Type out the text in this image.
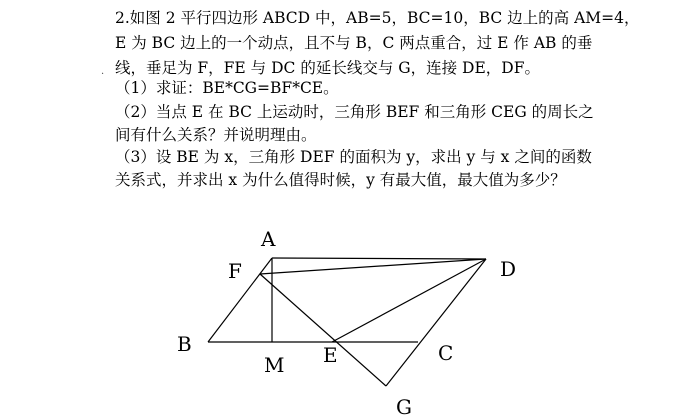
2.如图 2 平行四边形 ABCD 中，AB=5，BC=10，BC 边上的高 AM=4，
E 为 BC 边上的一个动点，且不与 B，C 两点重合，过 E 作 AB 的垂
线，垂足为 F，FE 与 DC 的延长线交与 G，连接 DE，DF。
（1）求证：BE*CG=BF*CE。
（2）当点 E 在 BC 上运动时，三角形 BEF 和三角形 CEG 的周长之
间有什么关系？并说明理由。
（3）设 BE 为 x，三角形 DEF 的面积为 y，求出 y 与 x 之间的函数
关系式，并求出 x 为什么值得时候，y 有最大值，最大值为多少？
·
A
F	D
B
M E	C
G
